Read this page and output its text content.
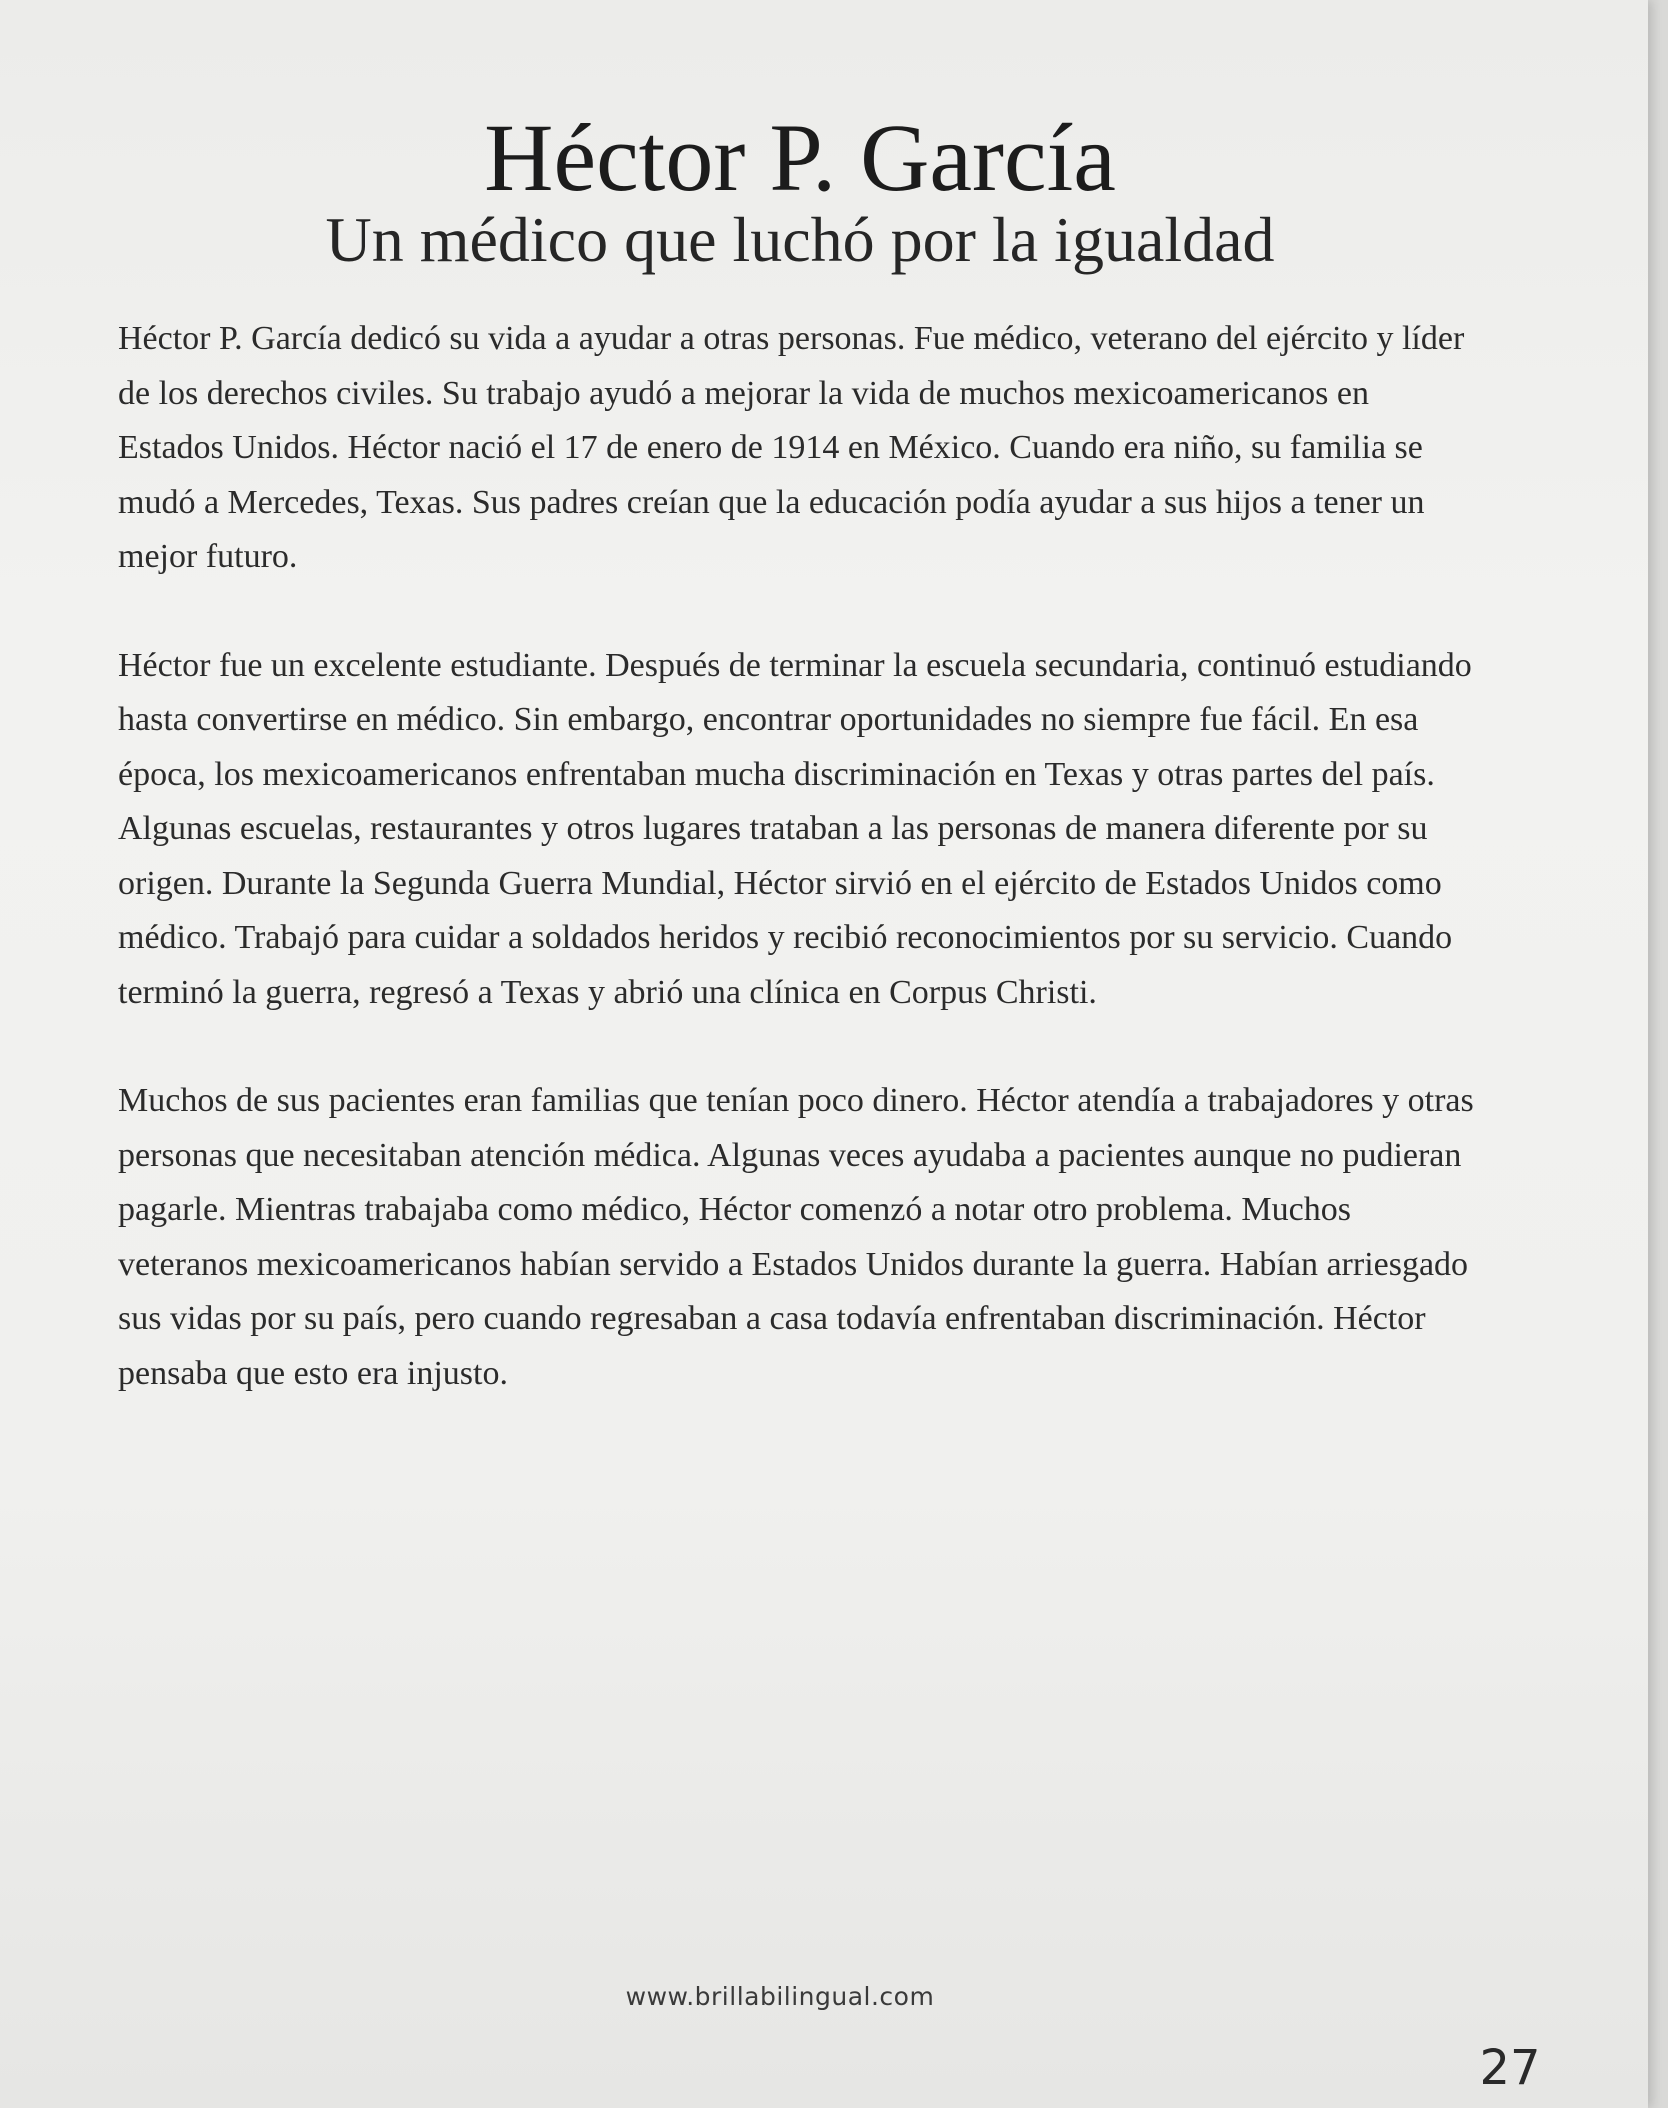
Héctor P. García
Un médico que luchó por la igualdad

Héctor P. García dedicó su vida a ayudar a otras personas. Fue médico, veterano del ejército y líder de los derechos civiles. Su trabajo ayudó a mejorar la vida de muchos mexicoamericanos en Estados Unidos. Héctor nació el 17 de enero de 1914 en México. Cuando era niño, su familia se mudó a Mercedes, Texas. Sus padres creían que la educación podía ayudar a sus hijos a tener un mejor futuro.

Héctor fue un excelente estudiante. Después de terminar la escuela secundaria, continuó estudiando hasta convertirse en médico. Sin embargo, encontrar oportunidades no siempre fue fácil. En esa época, los mexicoamericanos enfrentaban mucha discriminación en Texas y otras partes del país. Algunas escuelas, restaurantes y otros lugares trataban a las personas de manera diferente por su origen. Durante la Segunda Guerra Mundial, Héctor sirvió en el ejército de Estados Unidos como médico. Trabajó para cuidar a soldados heridos y recibió reconocimientos por su servicio. Cuando terminó la guerra, regresó a Texas y abrió una clínica en Corpus Christi.

Muchos de sus pacientes eran familias que tenían poco dinero. Héctor atendía a trabajadores y otras personas que necesitaban atención médica. Algunas veces ayudaba a pacientes aunque no pudieran pagarle. Mientras trabajaba como médico, Héctor comenzó a notar otro problema. Muchos veteranos mexicoamericanos habían servido a Estados Unidos durante la guerra. Habían arriesgado sus vidas por su país, pero cuando regresaban a casa todavía enfrentaban discriminación. Héctor pensaba que esto era injusto.

www.brillabilingual.com
27
